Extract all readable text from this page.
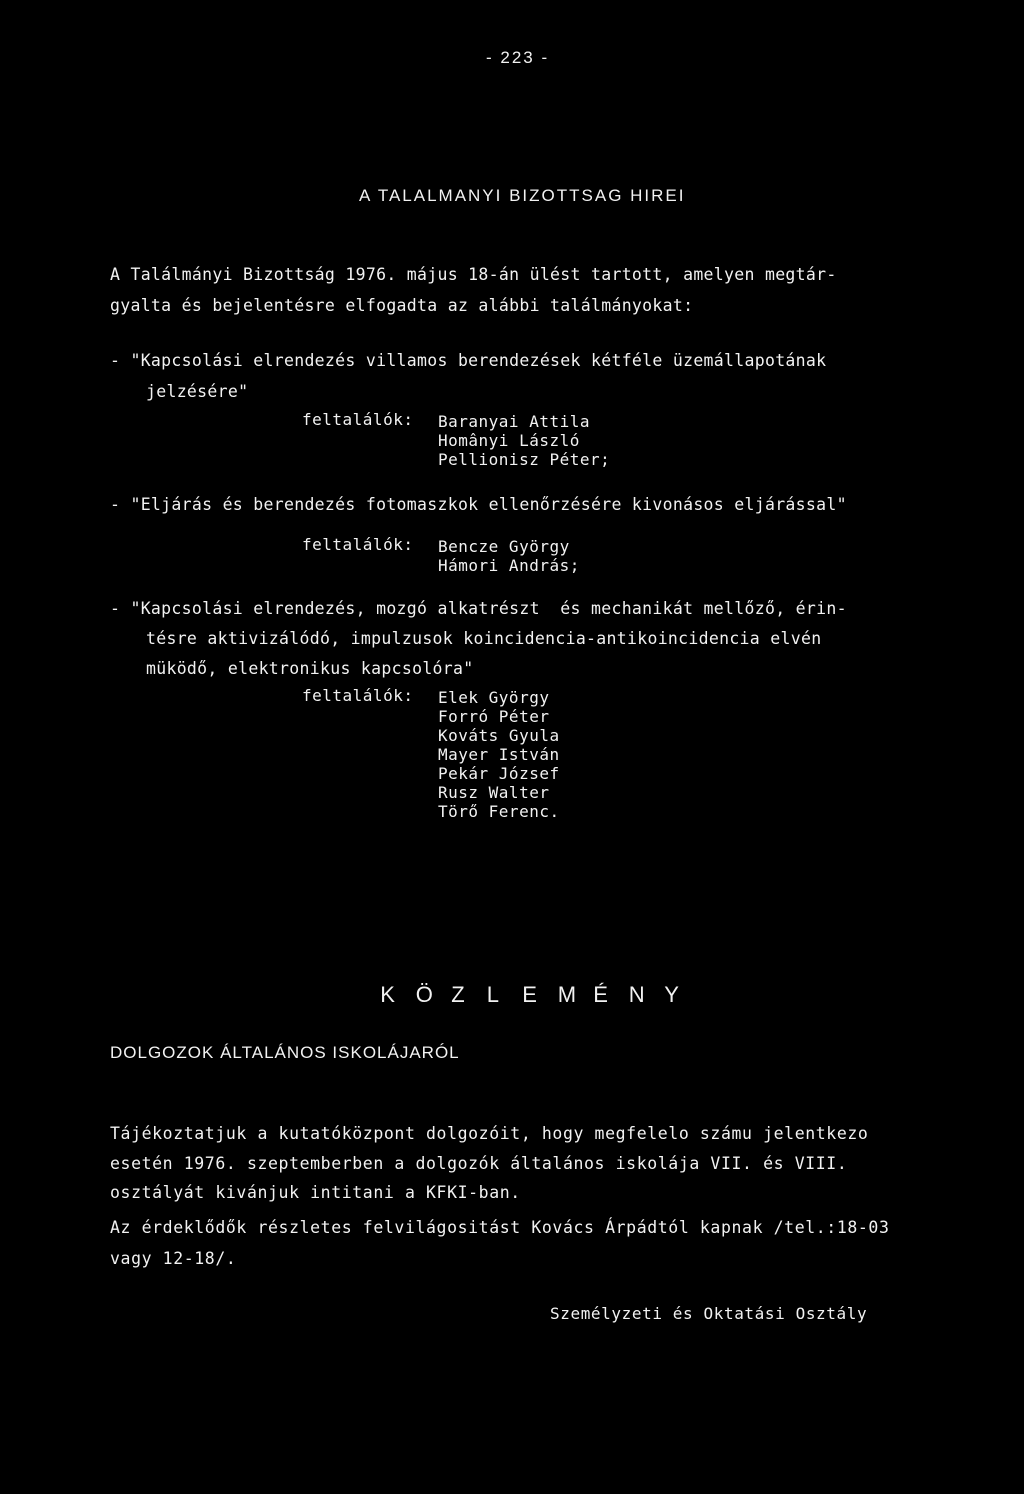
- 223 -
A TALALMANYI BIZOTTSAG HIREI
A Találmányi Bizottság 1976. május 18-án ülést tartott, amelyen megtár-
gyalta és bejelentésre elfogadta az alábbi találmányokat:
- "Kapcsolási elrendezés villamos berendezések kétféle üzemállapotának
jelzésére"
feltalálók: Baranyai Attila
Homânyi László
Pellionisz Péter;
- "Eljárás és berendezés fotomaszkok ellenőrzésére kivonásos eljárással"
feltalálók: Bencze György
Hámori András;
- "Kapcsolási elrendezés, mozgó alkatrészt  és mechanikát mellőző, érin-
tésre aktivizálódó, impulzusok koincidencia-antikoincidencia elvén
müködő, elektronikus kapcsolóra"
feltalálók: Elek György
Forró Péter
Kováts Gyula
Mayer István
Pekár József
Rusz Walter
Törő Ferenc.

K Ö Z L E M É N Y

DOLGOZOK ÁLTALÁNOS ISKOLÁJARÓL
Tájékoztatjuk a kutatóközpont dolgozóit, hogy megfelelo számu jelentkezo
esetén 1976. szeptemberben a dolgozók általános iskolája VII. és VIII.
osztályát kivánjuk intitani a KFKI-ban.
Az érdeklődők részletes felvilágositást Kovács Árpádtól kapnak /tel.:18-03
vagy 12-18/.
Személyzeti és Oktatási Osztály
